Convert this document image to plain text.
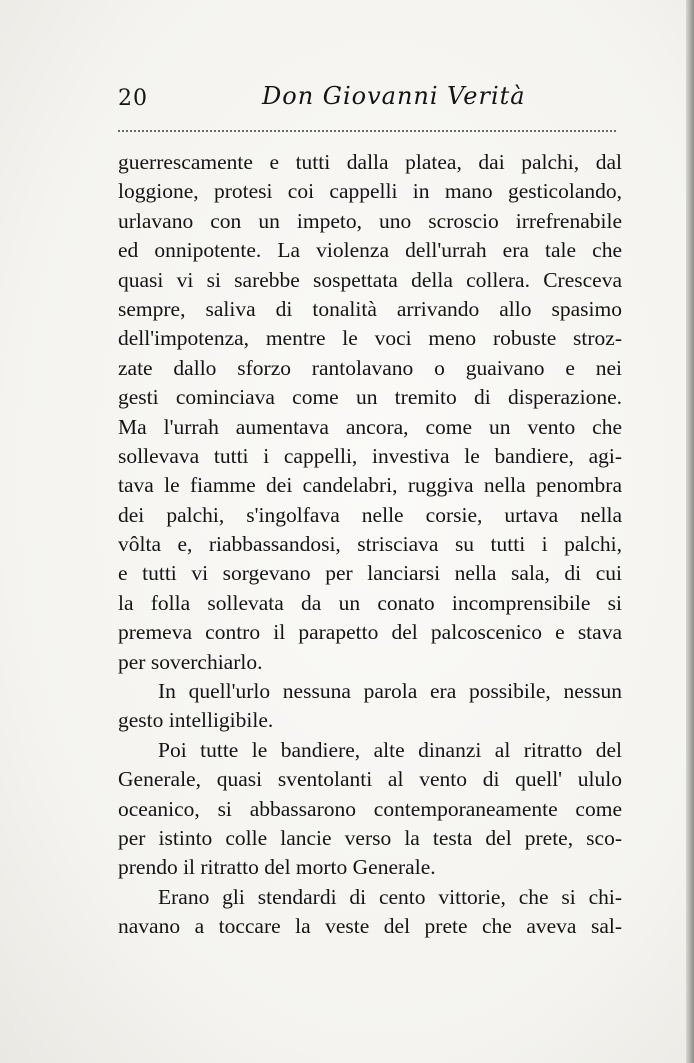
20	Don Giovanni Verità
guerrescamente e tutti dalla platea, dai palchi, dal
loggione, protesi coi cappelli in mano gesticolando,
urlavano con un impeto, uno scroscio irrefrenabile
ed onnipotente. La violenza dell'urrah era tale che
quasi vi si sarebbe sospettata della collera. Cresceva
sempre, saliva di tonalità arrivando allo spasimo
dell'impotenza, mentre le voci meno robuste stroz-
zate dallo sforzo rantolavano o guaivano e nei
gesti cominciava come un tremito di disperazione.
Ma l'urrah aumentava ancora, come un vento che
sollevava tutti i cappelli, investiva le bandiere, agi-
tava le fiamme dei candelabri, ruggiva nella penombra
dei palchi, s'ingolfava nelle corsie, urtava nella
vôlta e, riabbassandosi, strisciava su tutti i palchi,
e tutti vi sorgevano per lanciarsi nella sala, di cui
la folla sollevata da un conato incomprensibile si
premeva contro il parapetto del palcoscenico e stava
per soverchiarlo.
In quell'urlo nessuna parola era possibile, nessun
gesto intelligibile.
Poi tutte le bandiere, alte dinanzi al ritratto del
Generale, quasi sventolanti al vento di quell' ululo
oceanico, si abbassarono contemporaneamente come
per istinto colle lancie verso la testa del prete, sco-
prendo il ritratto del morto Generale.
Erano gli stendardi di cento vittorie, che si chi-
navano a toccare la veste del prete che aveva sal-
